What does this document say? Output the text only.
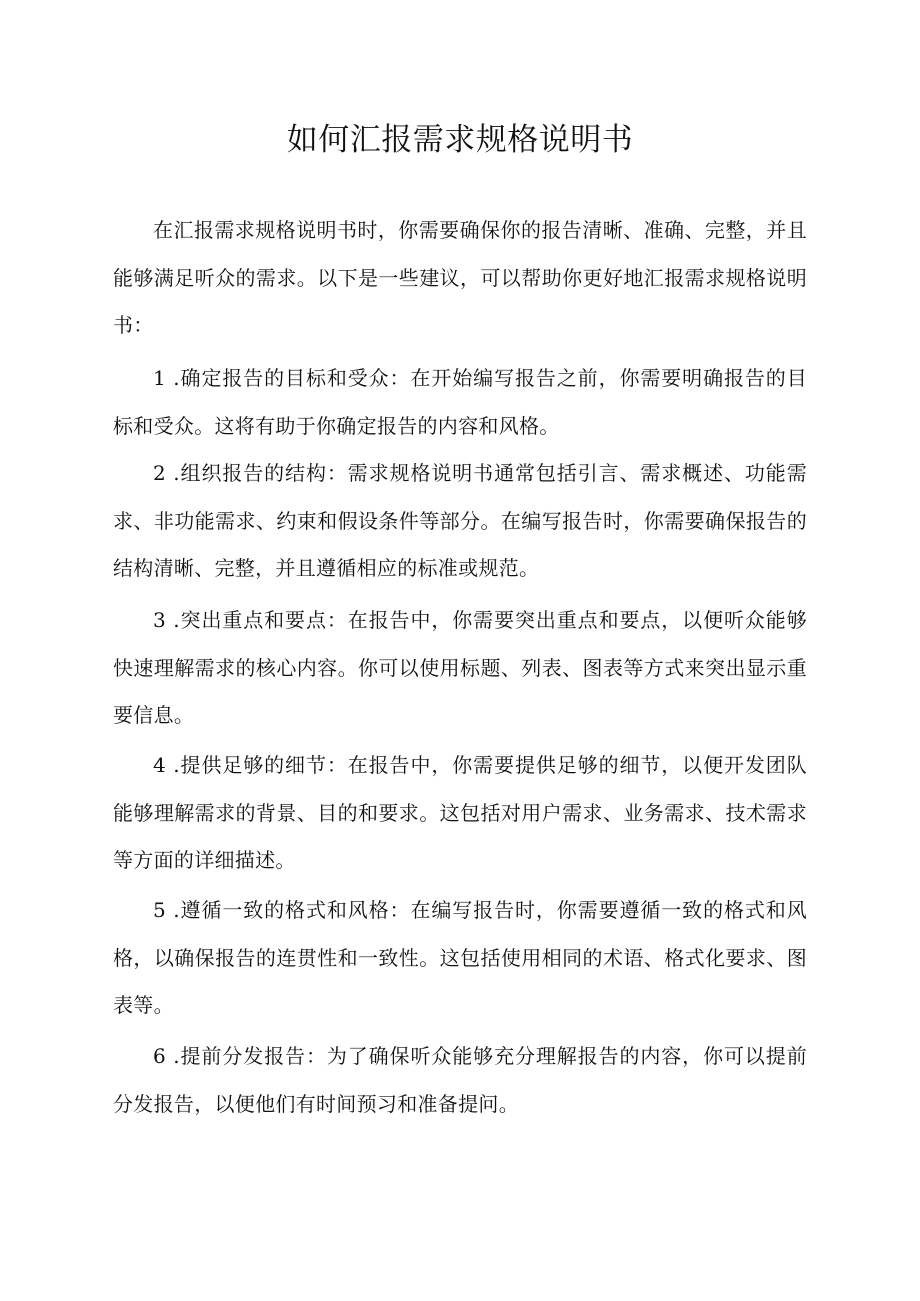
如何汇报需求规格说明书

在汇报需求规格说明书时，你需要确保你的报告清晰、准确、完整，并且能够满足听众的需求。以下是一些建议，可以帮助你更好地汇报需求规格说明书：

1 .确定报告的目标和受众：在开始编写报告之前，你需要明确报告的目标和受众。这将有助于你确定报告的内容和风格。

2 .组织报告的结构：需求规格说明书通常包括引言、需求概述、功能需求、非功能需求、约束和假设条件等部分。在编写报告时，你需要确保报告的结构清晰、完整，并且遵循相应的标准或规范。

3 .突出重点和要点：在报告中，你需要突出重点和要点，以便听众能够快速理解需求的核心内容。你可以使用标题、列表、图表等方式来突出显示重要信息。

4 .提供足够的细节：在报告中，你需要提供足够的细节，以便开发团队能够理解需求的背景、目的和要求。这包括对用户需求、业务需求、技术需求等方面的详细描述。

5 .遵循一致的格式和风格：在编写报告时，你需要遵循一致的格式和风格，以确保报告的连贯性和一致性。这包括使用相同的术语、格式化要求、图表等。

6 .提前分发报告：为了确保听众能够充分理解报告的内容，你可以提前分发报告，以便他们有时间预习和准备提问。
